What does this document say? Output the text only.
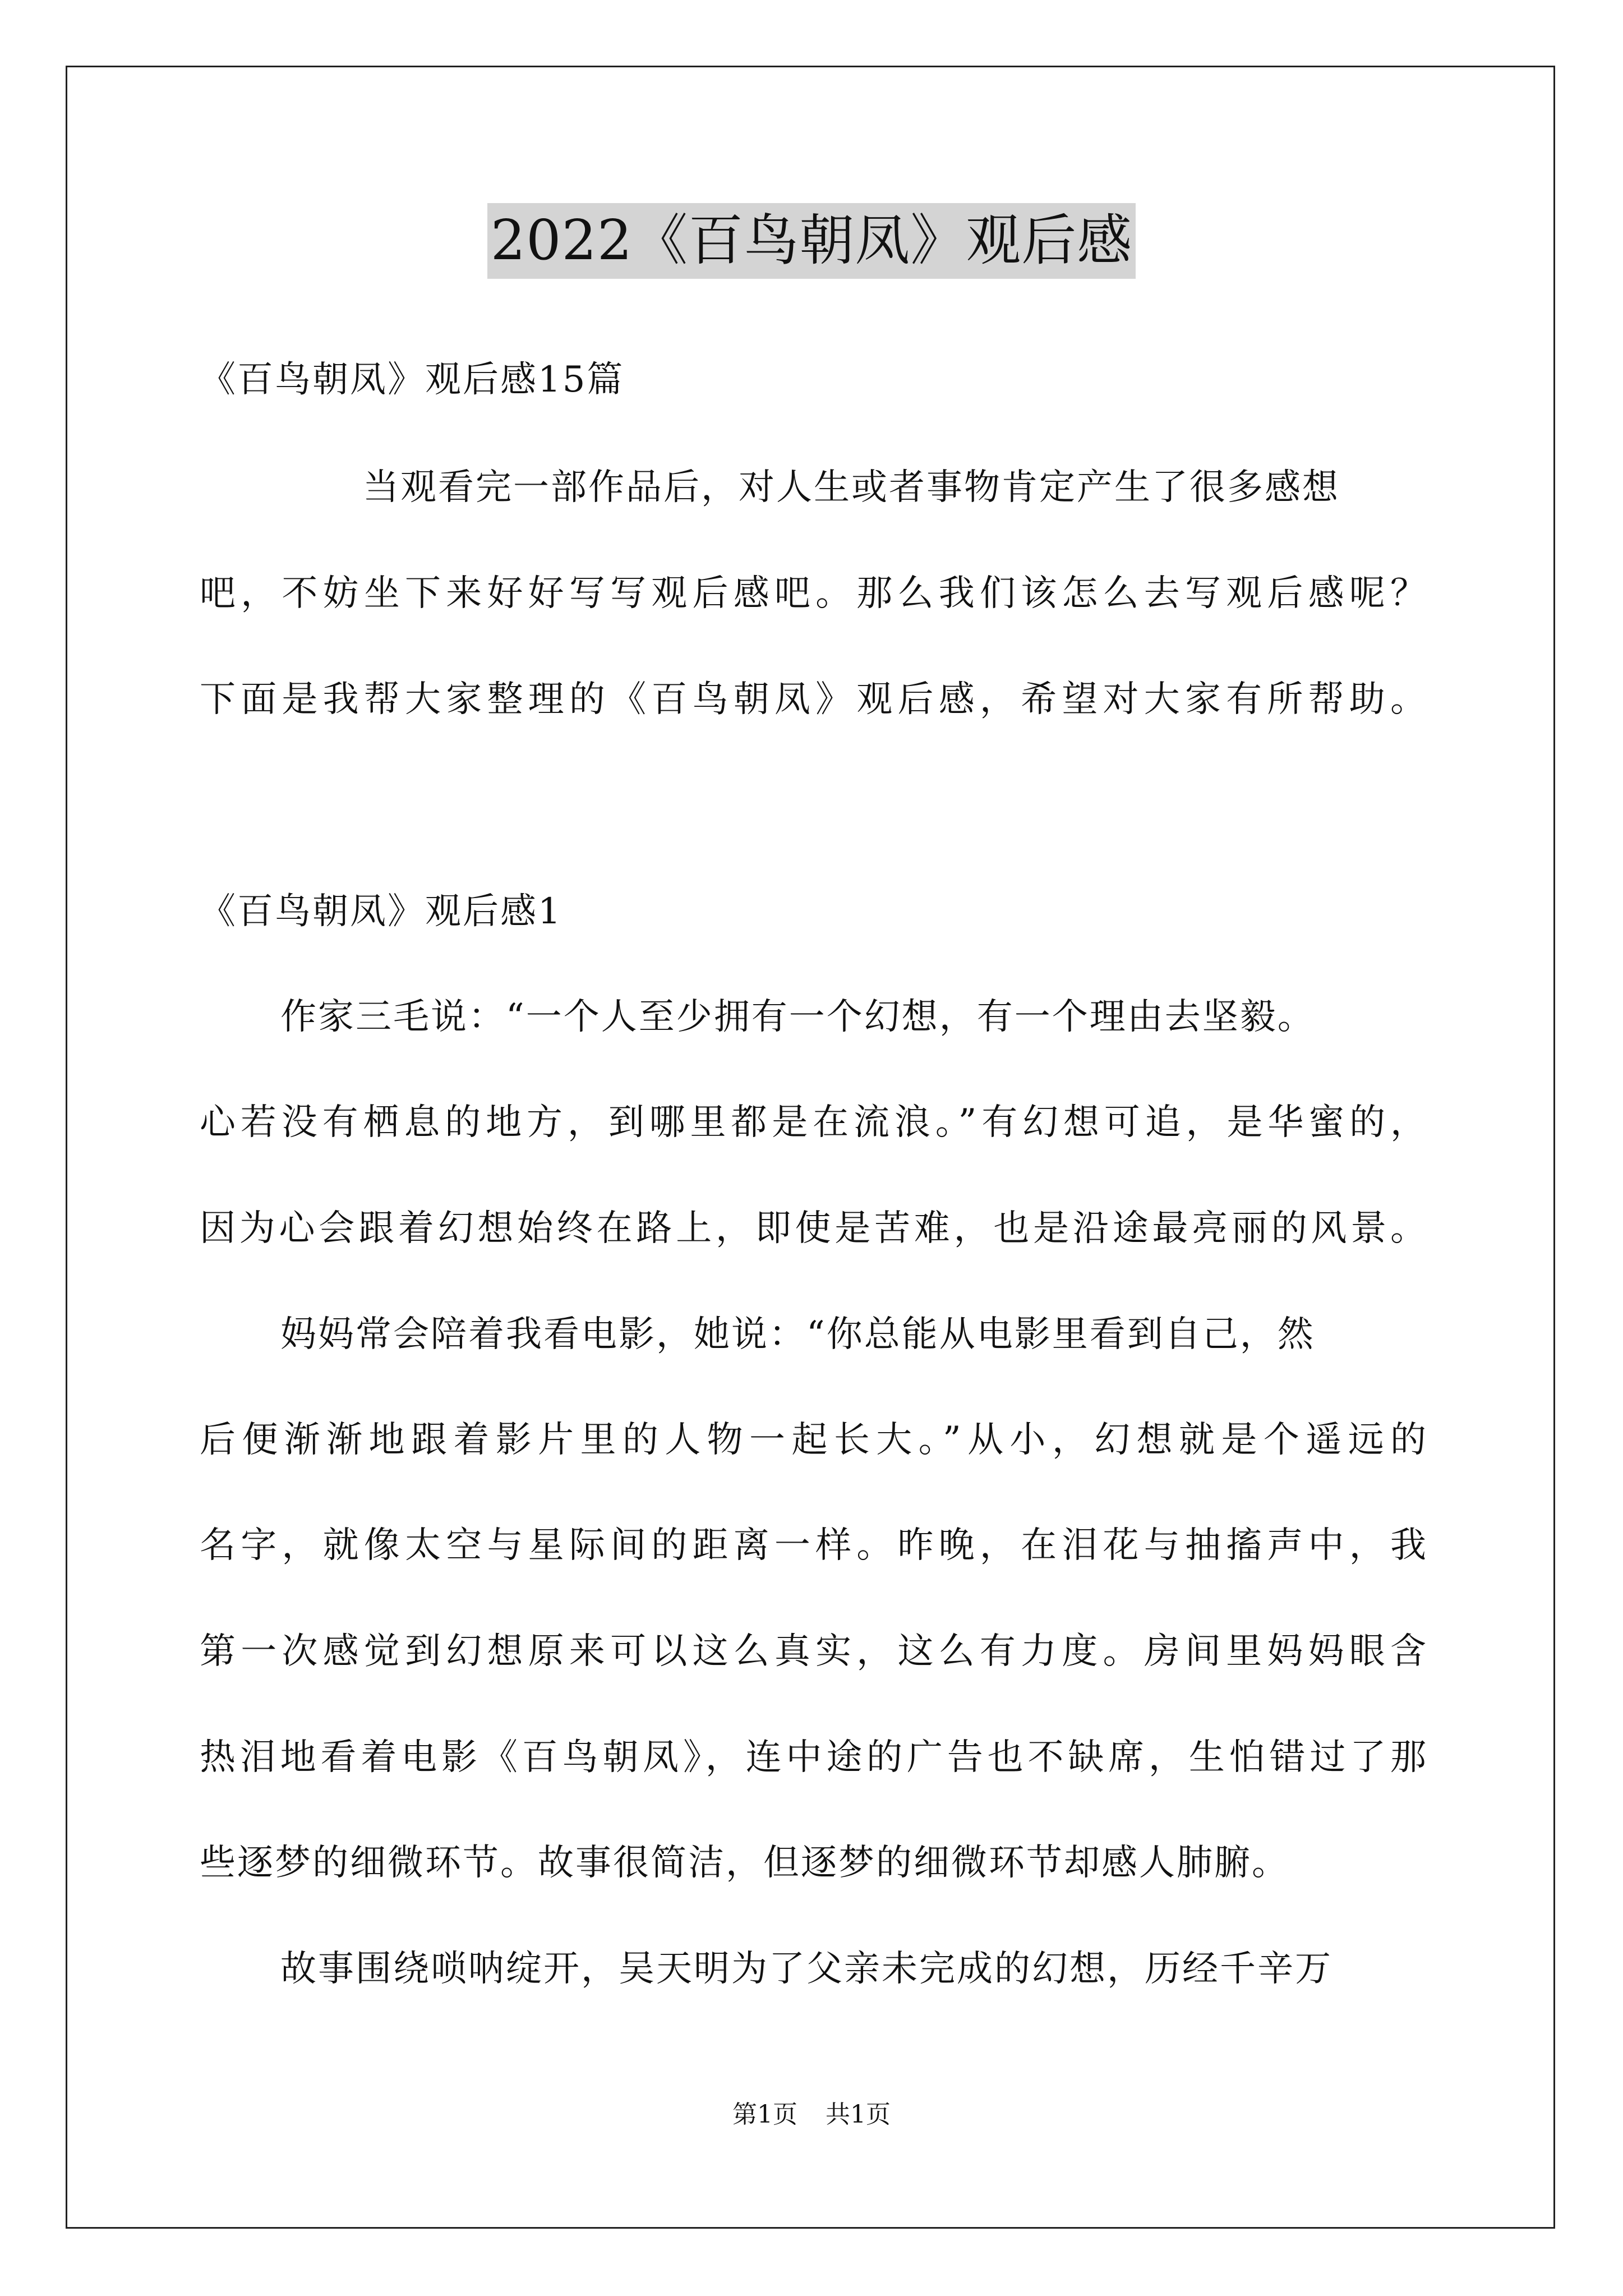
2022《百鸟朝凤》观后感
《百鸟朝凤》观后感15篇
当观看完一部作品后，对人生或者事物肯定产生了很多感想
吧，不妨坐下来好好写写观后感吧。那么我们该怎么去写观后感呢？
下面是我帮大家整理的《百鸟朝凤》观后感，希望对大家有所帮助。
《百鸟朝凤》观后感1
作家三毛说：“一个人至少拥有一个幻想，有一个理由去坚毅。
心若没有栖息的地方，到哪里都是在流浪。”有幻想可追，是华蜜的，
因为心会跟着幻想始终在路上，即使是苦难，也是沿途最亮丽的风景。
妈妈常会陪着我看电影，她说：“你总能从电影里看到自己，然
后便渐渐地跟着影片里的人物一起长大。”从小，幻想就是个遥远的
名字，就像太空与星际间的距离一样。昨晚，在泪花与抽搐声中，我
第一次感觉到幻想原来可以这么真实，这么有力度。房间里妈妈眼含
热泪地看着电影《百鸟朝凤》，连中途的广告也不缺席，生怕错过了那
些逐梦的细微环节。故事很简洁，但逐梦的细微环节却感人肺腑。
故事围绕唢呐绽开，吴天明为了父亲未完成的幻想，历经千辛万
第1页 共1页
